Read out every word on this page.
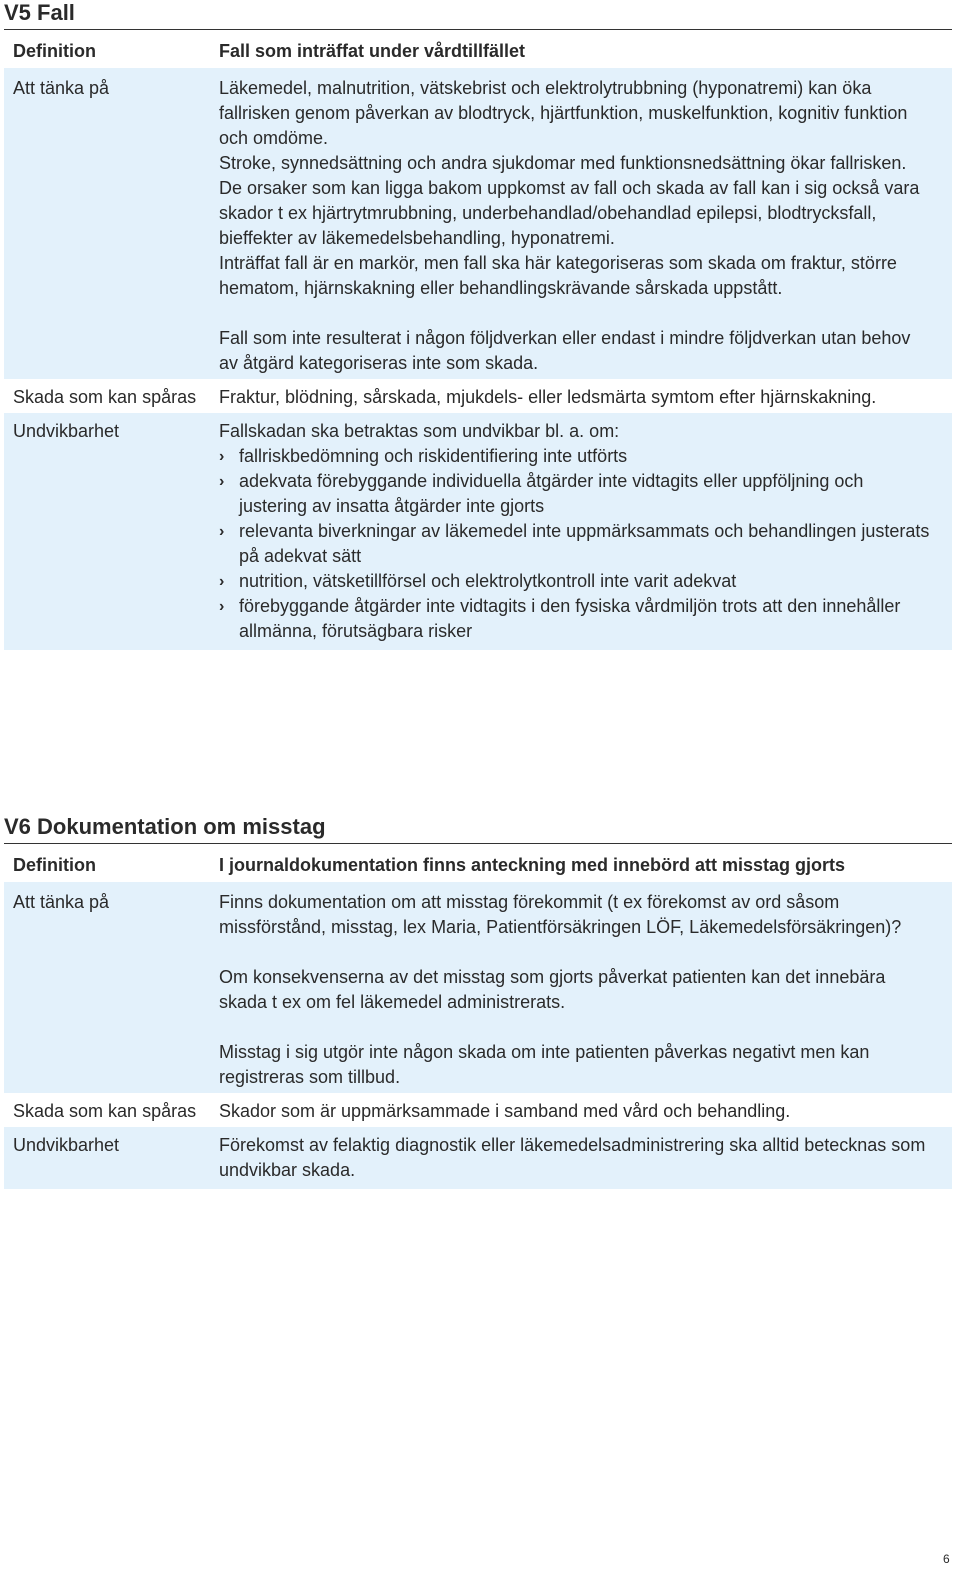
V5 Fall
Definition	Fall som inträffat under vårdtillfället
Att tänka på	Läkemedel, malnutrition, vätskebrist och elektrolytrubbning (hyponatremi) kan öka fallrisken genom påverkan av blodtryck, hjärtfunktion, muskelfunktion, kognitiv funktion och omdöme.

Stroke, synnedsättning och andra sjukdomar med funktionsnedsättning ökar fallrisken.

De orsaker som kan ligga bakom uppkomst av fall och skada av fall kan i sig också vara skador t ex hjärtrytmrubbning, underbehandlad/obehandlad epilepsi, blodtrycksfall, bieffekter av läkemedelsbehandling, hyponatremi.

Inträffat fall är en markör, men fall ska här kategoriseras som skada om fraktur, större hematom, hjärnskakning eller behandlingskrävande sårskada uppstått.

Fall som inte resulterat i någon följdverkan eller endast i mindre följdverkan utan behov av åtgärd kategoriseras inte som skada.

Skada som kan spåras	Fraktur, blödning, sårskada, mjukdels- eller ledsmärta symtom efter hjärnskakning.
Undvikbarhet	Fallskadan ska betraktas som undvikbar bl. a. om:

› fallriskbedömning och riskidentifiering inte utförts
› adekvata förebyggande individuella åtgärder inte vidtagits eller uppföljning och justering av insatta åtgärder inte gjorts
› relevanta biverkningar av läkemedel inte uppmärksammats och behandlingen justerats på adekvat sätt
› nutrition, vätsketillförsel och elektrolytkontroll inte varit adekvat
› förebyggande åtgärder inte vidtagits i den fysiska vårdmiljön trots att den innehåller allmänna, förutsägbara risker
V6 Dokumentation om misstag
Definition	I journaldokumentation finns anteckning med innebörd att misstag gjorts
Att tänka på	Finns dokumentation om att misstag förekommit (t ex förekomst av ord såsom missförstånd, misstag, lex Maria, Patientförsäkringen LÖF, Läkemedelsförsäkringen)?

Om konsekvenserna av det misstag som gjorts påverkat patienten kan det innebära skada t ex om fel läkemedel administrerats.

Misstag i sig utgör inte någon skada om inte patienten påverkas negativt men kan registreras som tillbud.

Skada som kan spåras	Skador som är uppmärksammade i samband med vård och behandling.
Undvikbarhet	Förekomst av felaktig diagnostik eller läkemedelsadministrering ska alltid betecknas som undvikbar skada.
6
